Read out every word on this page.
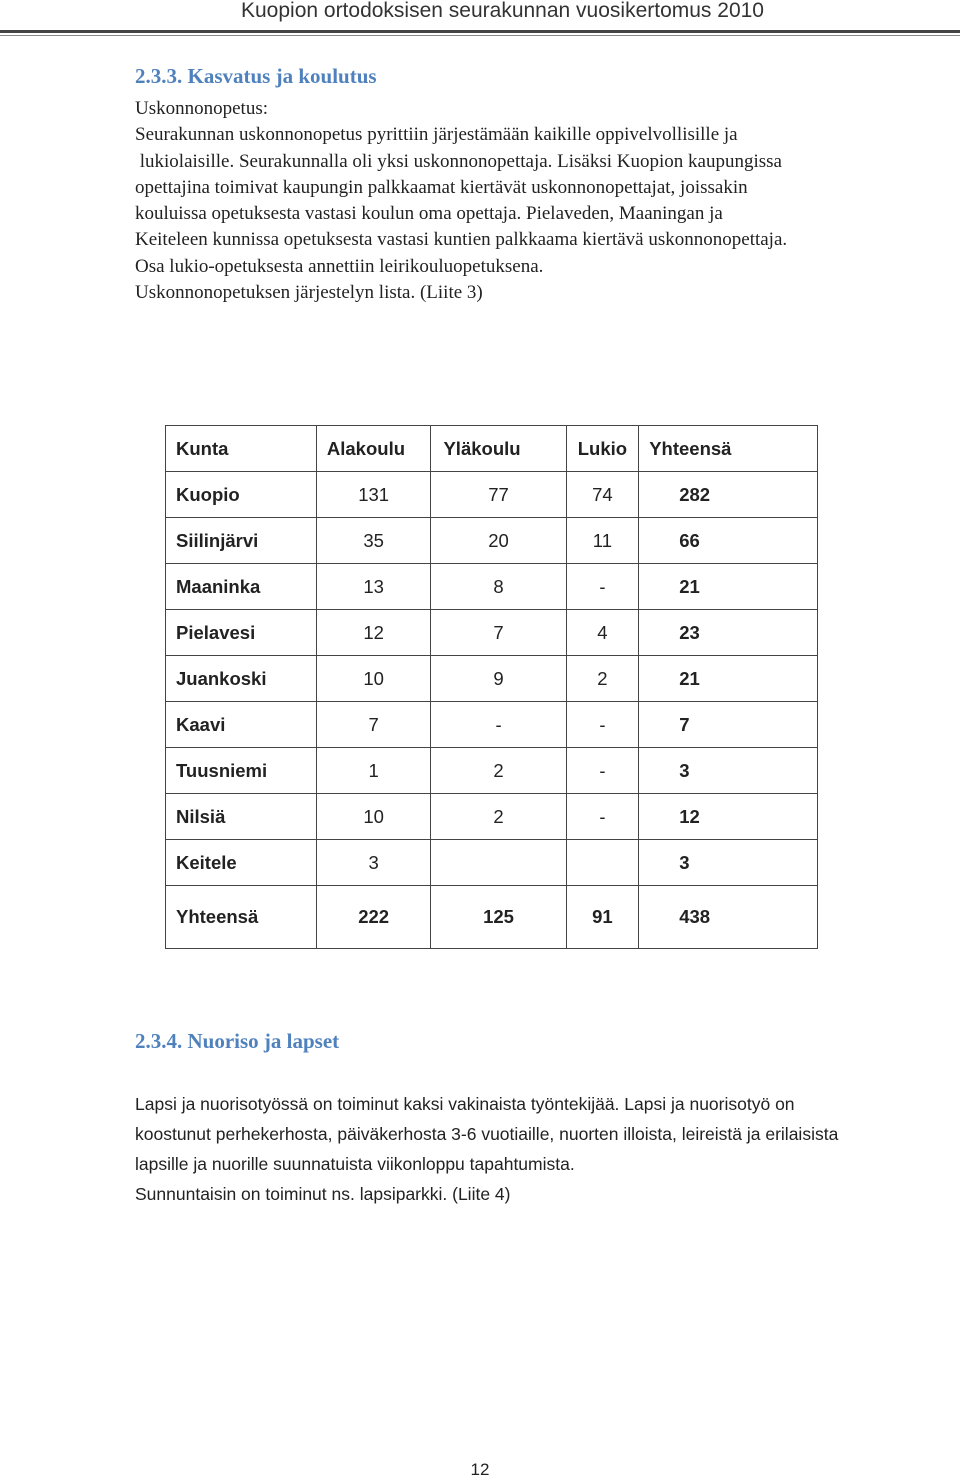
Kuopion ortodoksisen seurakunnan vuosikertomus 2010
2.3.3. Kasvatus ja koulutus
Uskonnonopetus:
Seurakunnan uskonnonopetus pyrittiin järjestämään kaikille oppivelvollisille ja
lukiolaisille. Seurakunnalla oli yksi uskonnonopettaja. Lisäksi Kuopion kaupungissa
opettajina toimivat kaupungin palkkaamat kiertävät uskonnonopettajat, joissakin
kouluissa opetuksesta vastasi koulun oma opettaja. Pielaveden, Maaningan ja
Keiteleen kunnissa opetuksesta vastasi kuntien palkkaama kiertävä uskonnonopettaja.
Osa lukio-opetuksesta annettiin leirikouluopetuksena.
Uskonnonopetuksen järjestelyn lista. (Liite 3)
Kunta	Alakoulu	Yläkoulu	Lukio	Yhteensä
Kuopio	131	77	74	282
Siilinjärvi	35	20	11	66
Maaninka	13	8	-	21
Pielavesi	12	7	4	23
Juankoski	10	9	2	21
Kaavi	7	-	-	7
Tuusniemi	1	2	-	3
Nilsiä	10	2	-	12
Keitele	3			3
Yhteensä	222	125	91	438
2.3.4. Nuoriso ja lapset
Lapsi ja nuorisotyössä on toiminut kaksi vakinaista työntekijää. Lapsi ja nuorisotyö on
koostunut perhekerhosta, päiväkerhosta 3-6 vuotiaille, nuorten illoista, leireistä ja erilaisista
lapsille ja nuorille suunnatuista viikonloppu tapahtumista.
Sunnuntaisin on toiminut ns. lapsiparkki. (Liite 4)
12
